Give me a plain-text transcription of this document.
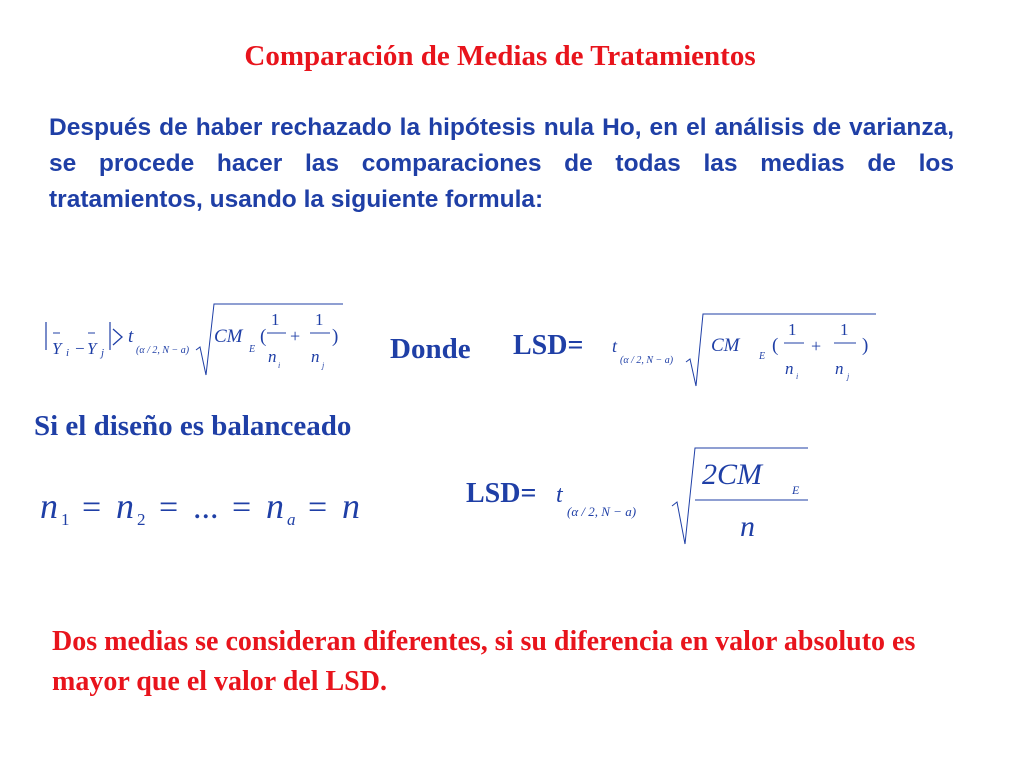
Comparación de Medias de Tratamientos
Después de haber rechazado la hipótesis nula Ho, en el análisis de varianza, se procede hacer las comparaciones de todas las medias de los tratamientos, usando la siguiente formula:
Y i − Y j
t
(α / 2, N − a)
CM
E
(
1
n i
+
1
n j
) Donde LSD= t
(α / 2, N − a)
CM
E
(
1
n i
+
1
n j
)
Si el diseño es balanceado
n 1 = n 2 = ... = n a = n	LSD= t
(α / 2, N − a)
2CM	E
n
Dos medias se consideran diferentes, si su diferencia en valor absoluto es mayor que el valor del LSD.
